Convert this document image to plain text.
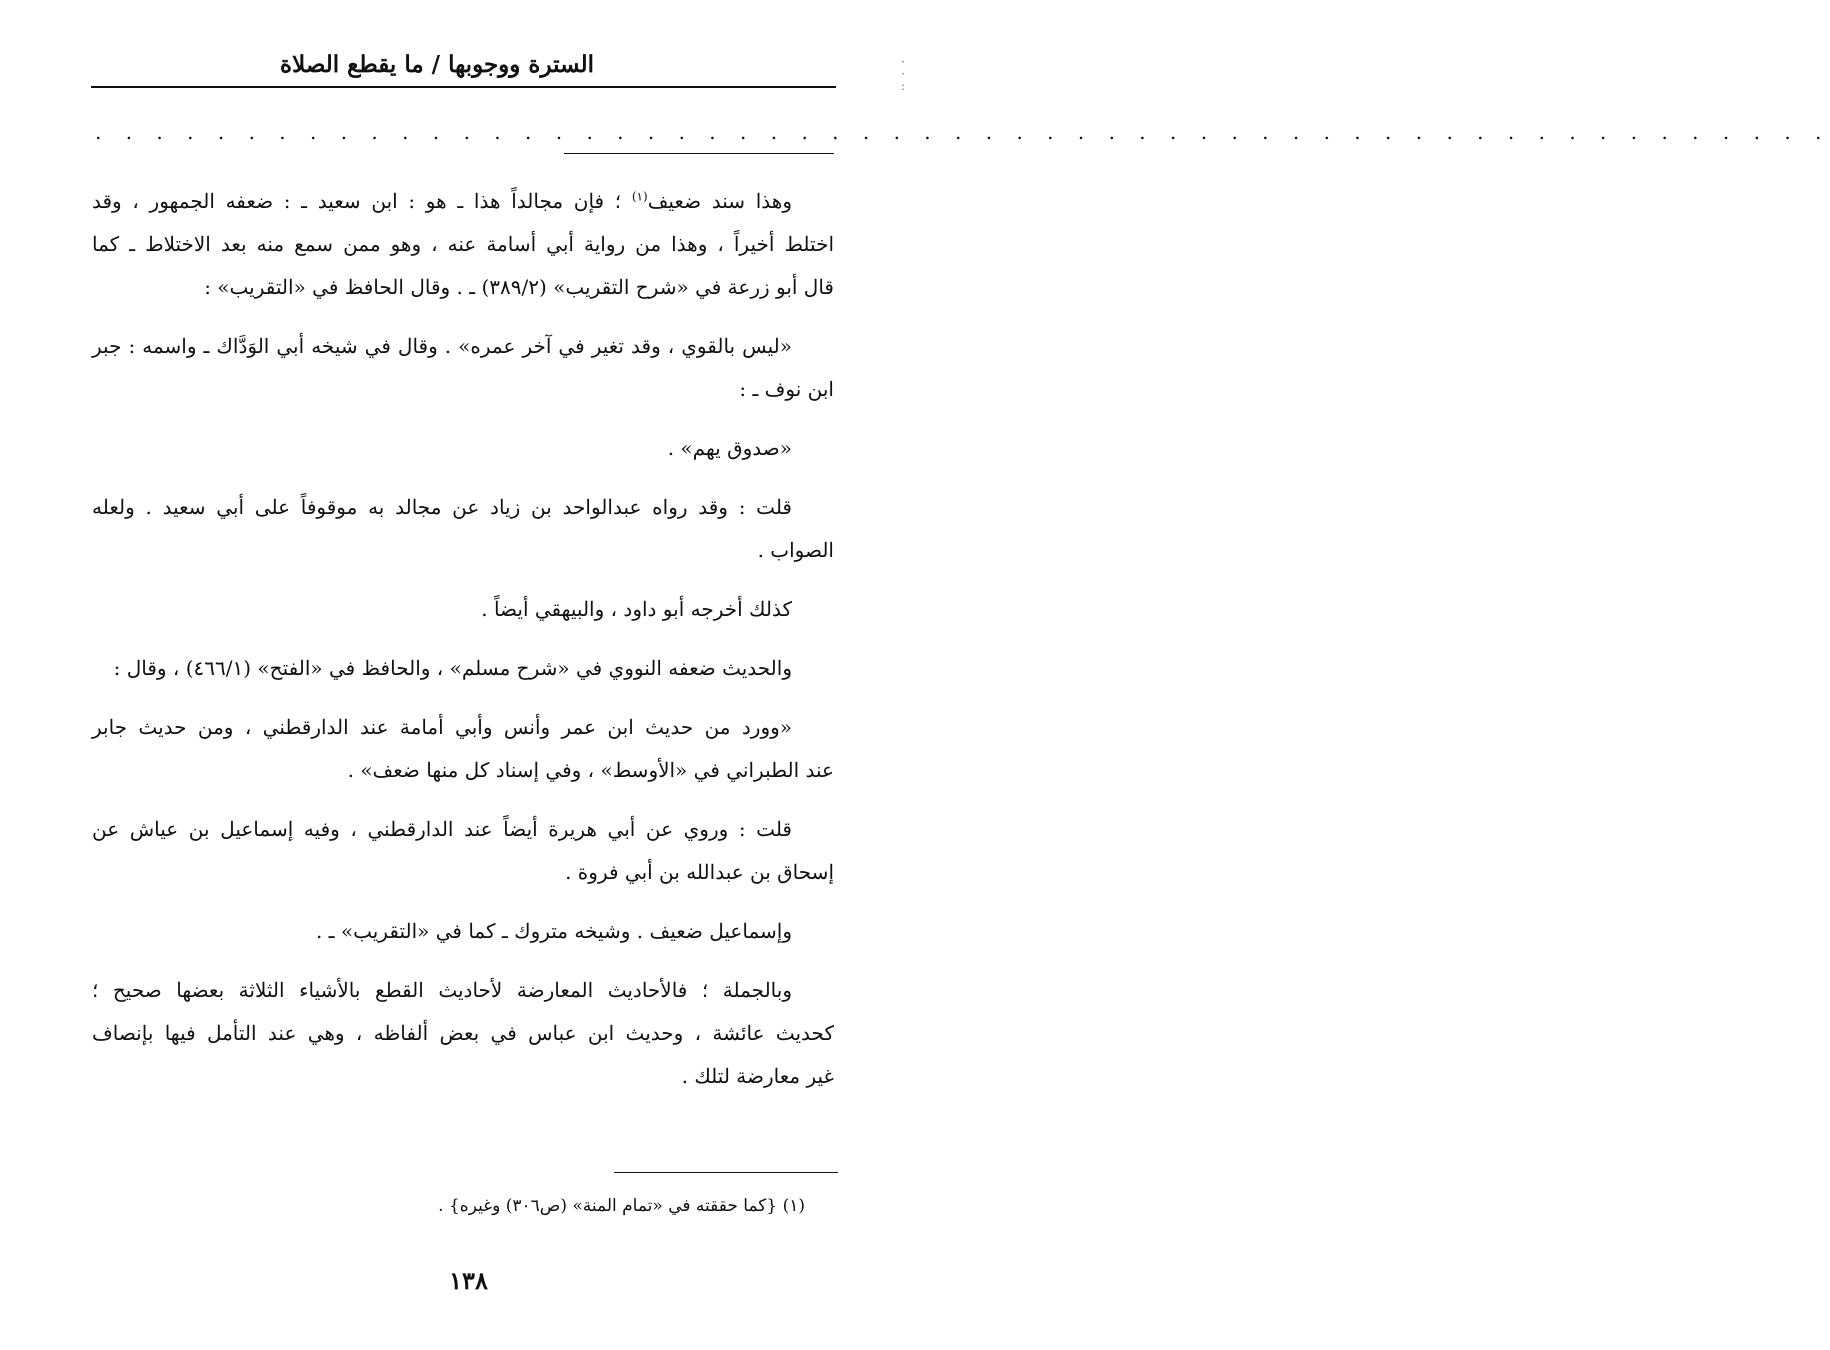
السترة ووجوبها / ما يقطع الصلاة	·
·
:
. . . . . . . . . . . . . . . . . . . . . . . . . . . . . . . . . . . . . . . . . . . . . . . . . . . . . . . . .
وهذا سند ضعيف$^{(١)}$ ؛ فإن مجالداً هذا ـ هو : ابن سعيد ـ : ضعفه الجمهور ، وقد
اختلط أخيراً ، وهذا من رواية أبي أسامة عنه ، وهو ممن سمع منه بعد الاختلاط ـ كما
قال أبو زرعة في «شرح التقريب» (٣٨٩/٢) ـ . وقال الحافظ في «التقريب» :
«ليس بالقوي ، وقد تغير في آخر عمره» . وقال في شيخه أبي الوَدَّاك ـ واسمه : جبر
ابن نوف ـ :
«صدوق يهم» .
قلت : وقد رواه عبدالواحد بن زياد عن مجالد به موقوفاً على أبي سعيد . ولعله
الصواب .
كذلك أخرجه أبو داود ، والبيهقي أيضاً .
والحديث ضعفه النووي في «شرح مسلم» ، والحافظ في «الفتح» (٤٦٦/١) ، وقال :
«وورد من حديث ابن عمر وأنس وأبي أمامة عند الدارقطني ، ومن حديث جابر
عند الطبراني في «الأوسط» ، وفي إسناد كل منها ضعف» .
قلت : وروي عن أبي هريرة أيضاً عند الدارقطني ، وفيه إسماعيل بن عياش عن
إسحاق بن عبدالله بن أبي فروة .
وإسماعيل ضعيف . وشيخه متروك ـ كما في «التقريب» ـ .
وبالجملة ؛ فالأحاديث المعارضة لأحاديث القطع بالأشياء الثلاثة بعضها صحيح ؛
كحديث عائشة ، وحديث ابن عباس في بعض ألفاظه ، وهي عند التأمل فيها بإنصاف
غير معارضة لتلك .
(١) {كما حققته في «تمام المنة» (ص٣٠٦) وغيره} .
١٣٨
